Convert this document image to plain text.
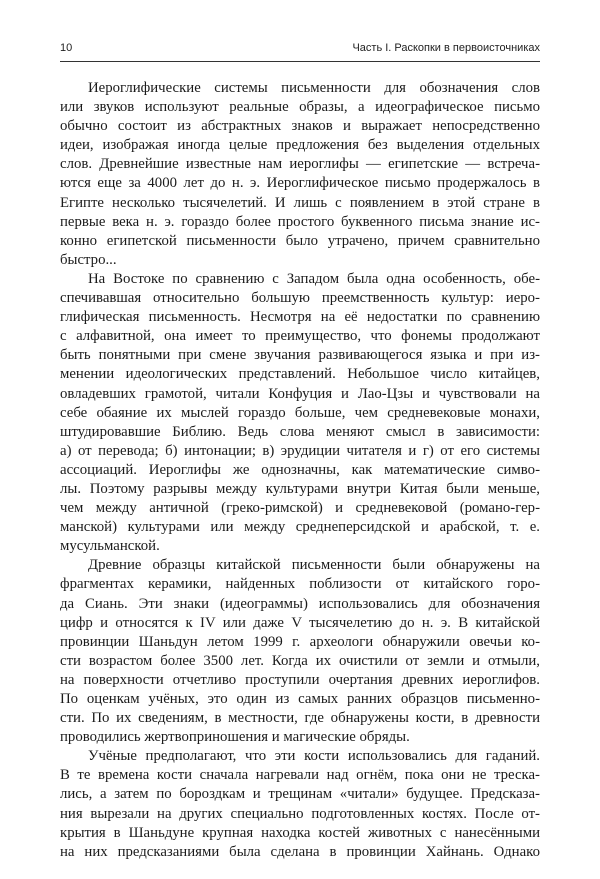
10	Часть I. Раскопки в первоисточниках
Иероглифические системы письменности для обозначения слов
или звуков используют реальные образы, а идеографическое письмо
обычно состоит из абстрактных знаков и выражает непосредственно
идеи, изображая иногда целые предложения без выделения отдельных
слов. Древнейшие известные нам иероглифы — египетские — встреча-
ются еще за 4000 лет до н. э. Иероглифическое письмо продержалось в
Египте несколько тысячелетий. И лишь с появлением в этой стране в
первые века н. э. гораздо более простого буквенного письма знание ис-
конно египетской письменности было утрачено, причем сравнительно
быстро...
На Востоке по сравнению с Западом была одна особенность, обе-
спечивавшая относительно большую преемственность культур: иеро-
глифическая письменность. Несмотря на её недостатки по сравнению
с алфавитной, она имеет то преимущество, что фонемы продолжают
быть понятными при смене звучания развивающегося языка и при из-
менении идеологических представлений. Небольшое число китайцев,
овладевших грамотой, читали Конфуция и Лао-Цзы и чувствовали на
себе обаяние их мыслей гораздо больше, чем средневековые монахи,
штудировавшие Библию. Ведь слова меняют смысл в зависимости:
а) от перевода; б) интонации; в) эрудиции читателя и г) от его системы
ассоциаций. Иероглифы же однозначны, как математические симво-
лы. Поэтому разрывы между культурами внутри Китая были меньше,
чем между античной (греко-римской) и средневековой (романо-гер-
манской) культурами или между среднеперсидской и арабской, т. е.
мусульманской.
Древние образцы китайской письменности были обнаружены на
фрагментах керамики, найденных поблизости от китайского горо-
да Сиань. Эти знаки (идеограммы) использовались для обозначения
цифр и относятся к IV или даже V тысячелетию до н. э. В китайской
провинции Шаньдун летом 1999 г. археологи обнаружили овечьи ко-
сти возрастом более 3500 лет. Когда их очистили от земли и отмыли,
на поверхности отчетливо проступили очертания древних иероглифов.
По оценкам учёных, это один из самых ранних образцов письменно-
сти. По их сведениям, в местности, где обнаружены кости, в древности
проводились жертвоприношения и магические обряды.
Учёные предполагают, что эти кости использовались для гаданий.
В те времена кости сначала нагревали над огнём, пока они не треска-
лись, а затем по бороздкам и трещинам «читали» будущее. Предсказа-
ния вырезали на других специально подготовленных костях. После от-
крытия в Шаньдуне крупная находка костей животных с нанесёнными
на них предсказаниями была сделана в провинции Хайнань. Однако
